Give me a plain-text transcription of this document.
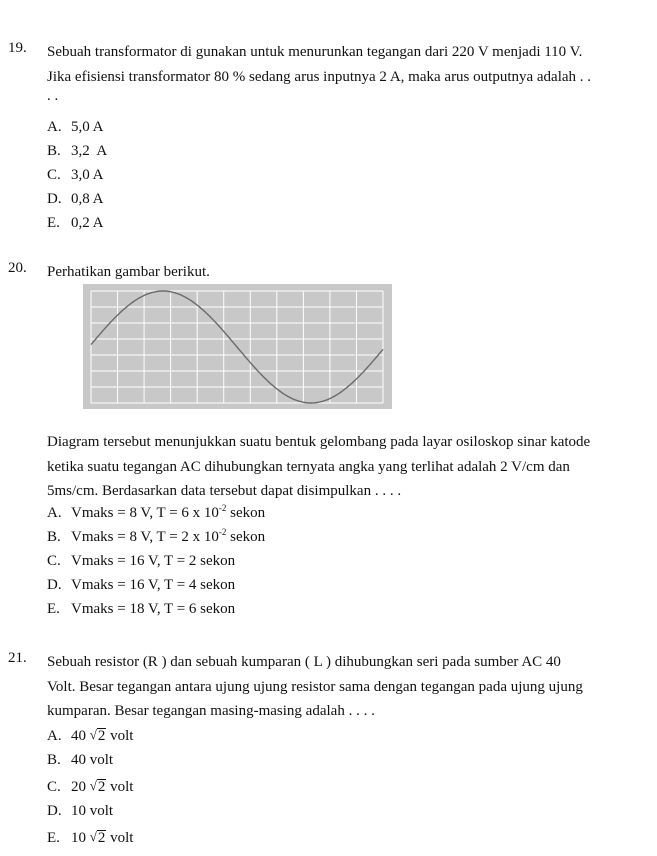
19. Sebuah transformator di gunakan untuk menurunkan tegangan dari 220 V menjadi 110 V.
Jika efisiensi transformator 80 % sedang arus inputnya 2 A, maka arus outputnya adalah . .
. .
A. 5,0 A
B. 3,2  A
C. 3,0 A
D. 0,8 A
E. 0,2 A
20. Perhatikan gambar berikut.
Diagram tersebut menunjukkan suatu bentuk gelombang pada layar osiloskop sinar katode
ketika suatu tegangan AC dihubungkan ternyata angka yang terlihat adalah 2 V/cm dan
5ms/cm. Berdasarkan data tersebut dapat disimpulkan . . . .
A. Vmaks = 8 V, T = 6 x $10^{-2}$ sekon
B. Vmaks = 8 V, T = 2 x $10^{-2}$ sekon
C. Vmaks = 16 V, T = 2 sekon
D. Vmaks = 16 V, T = 4 sekon
E. Vmaks = 18 V, T = 6 sekon
21. Sebuah resistor (R ) dan sebuah kumparan ( L ) dihubungkan seri pada sumber AC 40
Volt. Besar tegangan antara ujung ujung resistor sama dengan tegangan pada ujung ujung
kumparan. Besar tegangan masing-masing adalah . . . .
A. 40 √2 volt
B. 40 volt
C. 20 √2 volt
D. 10 volt
E. 10 √2 volt
